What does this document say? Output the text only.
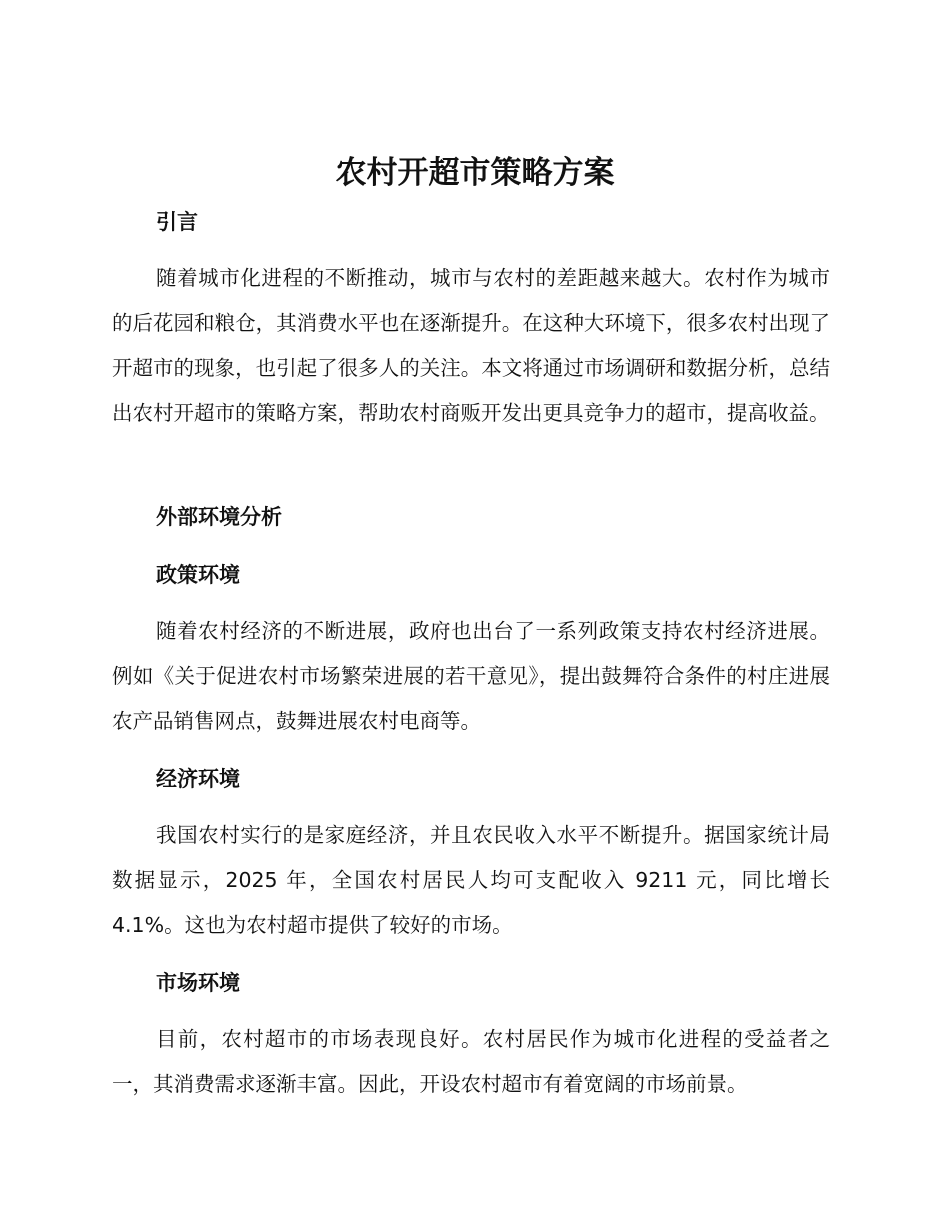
农村开超市策略方案
引言

随着城市化进程的不断推动，城市与农村的差距越来越大。农村作为城市的后花园和粮仓，其消费水平也在逐渐提升。在这种大环境下，很多农村出现了开超市的现象，也引起了很多人的关注。本文将通过市场调研和数据分析，总结出农村开超市的策略方案，帮助农村商贩开发出更具竞争力的超市，提高收益。

外部环境分析
政策环境

随着农村经济的不断进展，政府也出台了一系列政策支持农村经济进展。例如《关于促进农村市场繁荣进展的若干意见》，提出鼓舞符合条件的村庄进展农产品销售网点，鼓舞进展农村电商等。

经济环境

我国农村实行的是家庭经济，并且农民收入水平不断提升。据国家统计局数据显示，2025 年，全国农村居民人均可支配收入 9211 元，同比增长 4.1%。这也为农村超市提供了较好的市场。

市场环境

目前，农村超市的市场表现良好。农村居民作为城市化进程的受益者之一，其消费需求逐渐丰富。因此，开设农村超市有着宽阔的市场前景。
